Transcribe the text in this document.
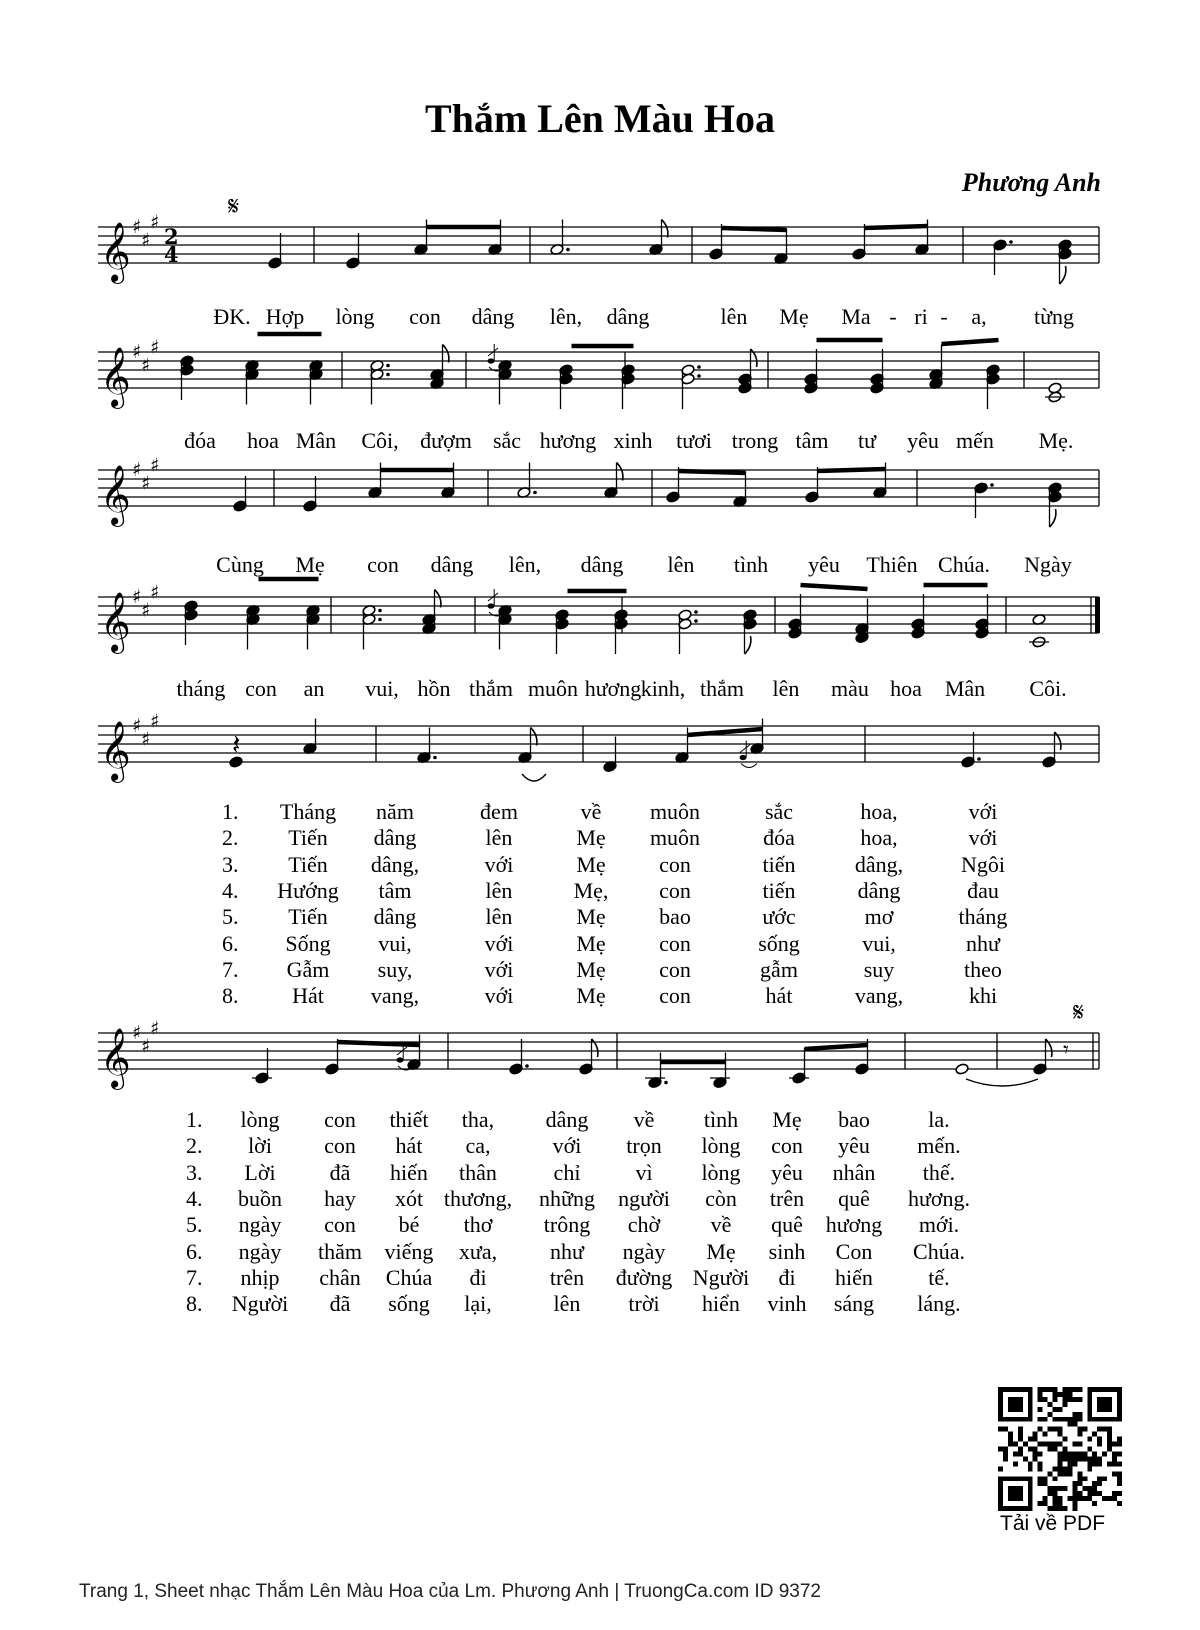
Thắm Lên Màu Hoa
Phương Anh
𝄞 ♯
♯
♯
2
4
𝄋
ĐK. Hợp lòng con dâng lên, dâng	lên Mẹ Ma - ri - a, từng
𝄞 ♯
♯
♯
đóa hoa Mân Côi, đượm sắc hương xinh tươi trong tâm tư yêu mến Mẹ.
𝄞 ♯
♯
♯
Cùng Mẹ con dâng lên, dâng lên tình yêu Thiên Chúa. Ngày
𝄞 ♯
♯
♯
tháng con an vui, hồn thắm muôn hương kinh, thắm lên màu hoa Mân Côi.
𝄞 ♯
♯
♯
𝄽
1. Tháng năm	đem	về muôn	sắc	hoa,	với
2. Tiến dâng	lên	Mẹ muôn	đóa	hoa,	với
3. Tiến dâng,	với	Mẹ con	tiến	dâng,	Ngôi
4. Hướng tâm	lên	Mẹ, con	tiến	dâng	đau
5. Tiến dâng	lên	Mẹ bao	ước	mơ	tháng
6. Sống vui,	với	Mẹ con	sống	vui,	như
7. Gẫm suy,	với	Mẹ con	gẫm	suy	theo
8. Hát vang,	với	Mẹ con	hát	vang,	khi
𝄞 ♯
♯
♯
𝄋
𝄾
1. lòng con thiết tha, dâng về tình Mẹ bao	la.
2. lời con hát ca,	với trọn lòng con yêu mến.
3. Lời đã hiến thân	chỉ vì lòng yêu nhân thế.
4. buồn hay xót thương, những người còn trên quê hương.
5. ngày con bé thơ trông chờ về quê hương mới.
6. ngày thăm viếng xưa, như ngày Mẹ sinh Con Chúa.
7. nhịp chân Chúa đi	trên đường Người đi hiến	tế.
8. Người đã sống lại,	lên trời hiển vinh sáng láng.
Tải về PDF
Trang 1, Sheet nhạc Thắm Lên Màu Hoa của Lm. Phương Anh | TruongCa.com ID 9372
